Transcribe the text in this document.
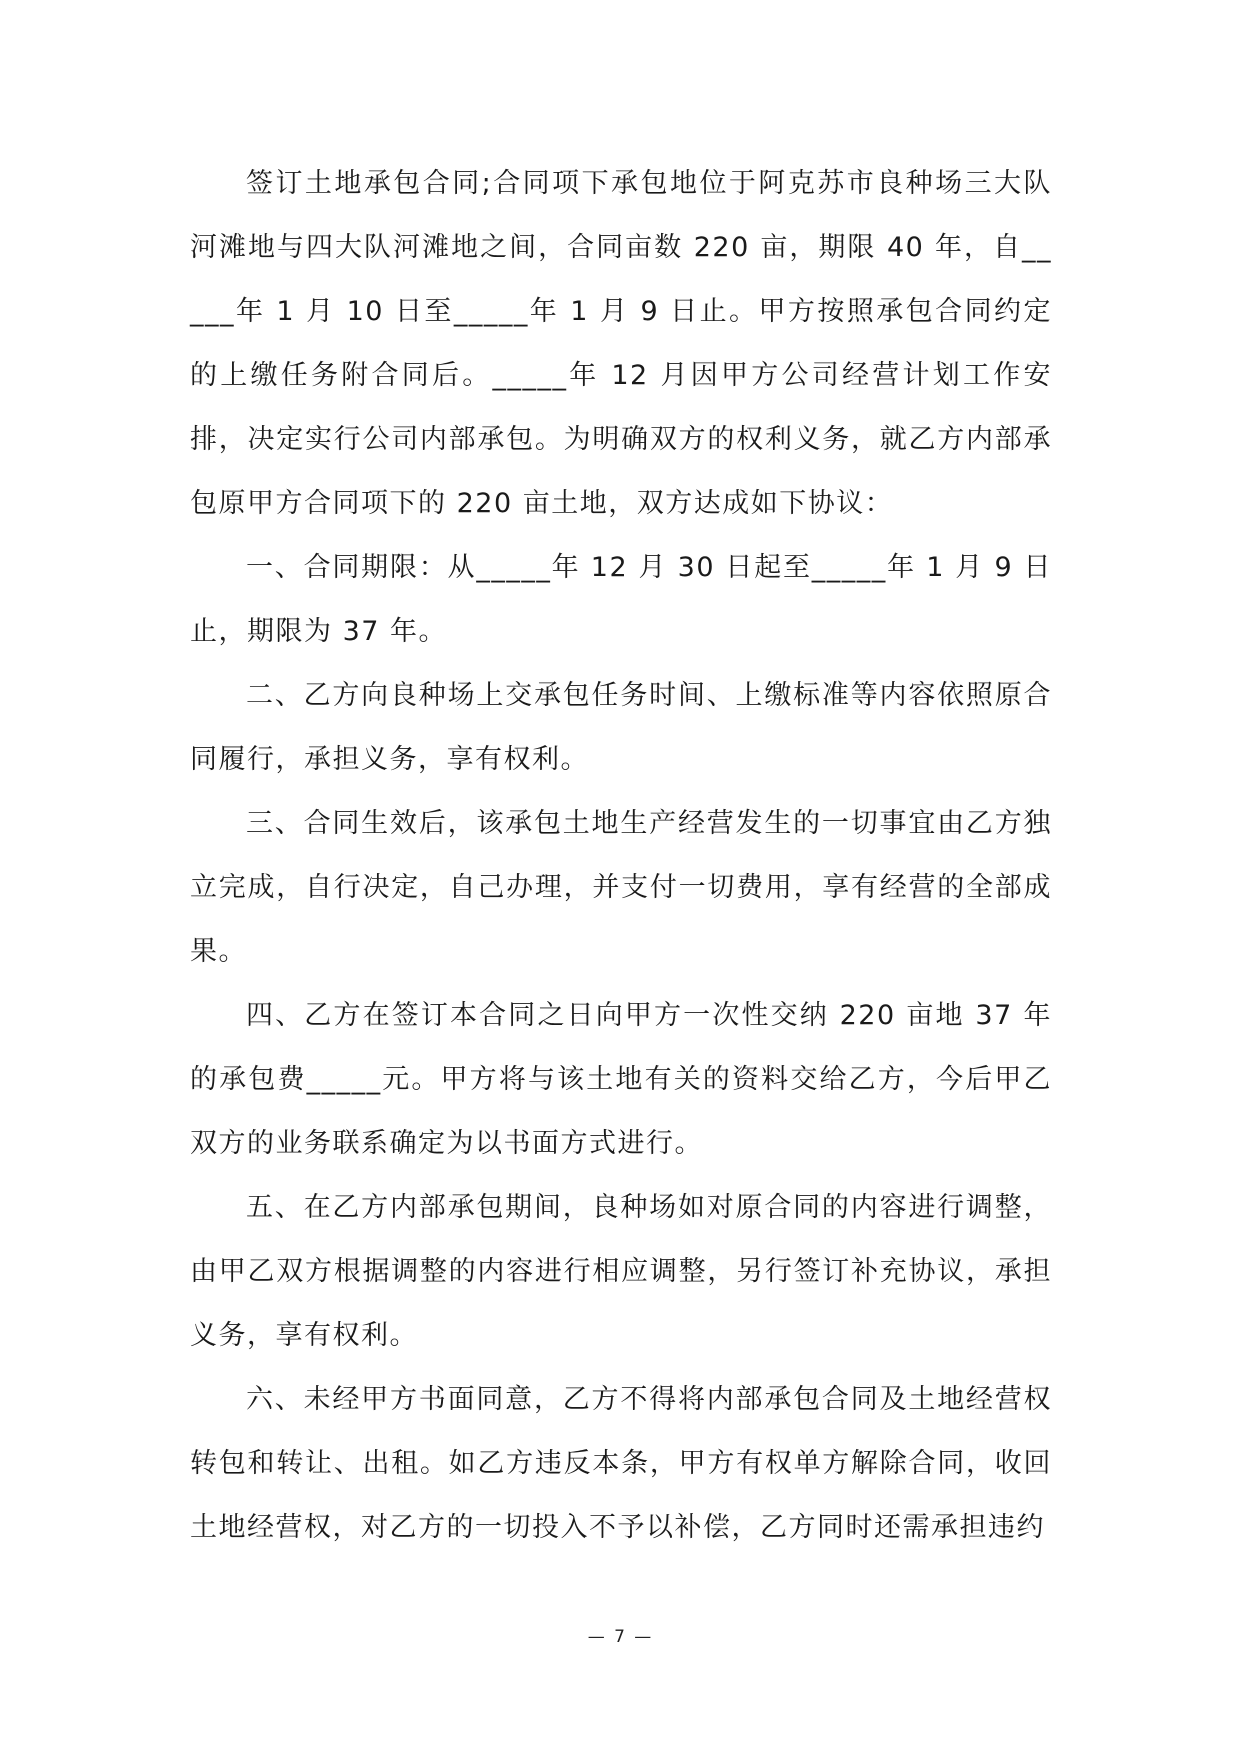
签订土地承包合同;合同项下承包地位于阿克苏市良种场三大队河滩地与四大队河滩地之间，合同亩数 220 亩，期限 40 年，自_____年 1 月 10 日至_____年 1 月 9 日止。甲方按照承包合同约定的上缴任务附合同后。_____年 12 月因甲方公司经营计划工作安排，决定实行公司内部承包。为明确双方的权利义务，就乙方内部承包原甲方合同项下的 220 亩土地，双方达成如下协议：

一、合同期限：从_____年 12 月 30 日起至_____年 1 月 9 日止，期限为 37 年。

二、乙方向良种场上交承包任务时间、上缴标准等内容依照原合同履行，承担义务，享有权利。

三、合同生效后，该承包土地生产经营发生的一切事宜由乙方独立完成，自行决定，自己办理，并支付一切费用，享有经营的全部成果。

四、乙方在签订本合同之日向甲方一次性交纳 220 亩地 37 年的承包费_____元。甲方将与该土地有关的资料交给乙方，今后甲乙双方的业务联系确定为以书面方式进行。

五、在乙方内部承包期间，良种场如对原合同的内容进行调整，由甲乙双方根据调整的内容进行相应调整，另行签订补充协议，承担义务，享有权利。

六、未经甲方书面同意，乙方不得将内部承包合同及土地经营权转包和转让、出租。如乙方违反本条，甲方有权单方解除合同，收回土地经营权，对乙方的一切投入不予以补偿，乙方同时还需承担违约

— 7 —
